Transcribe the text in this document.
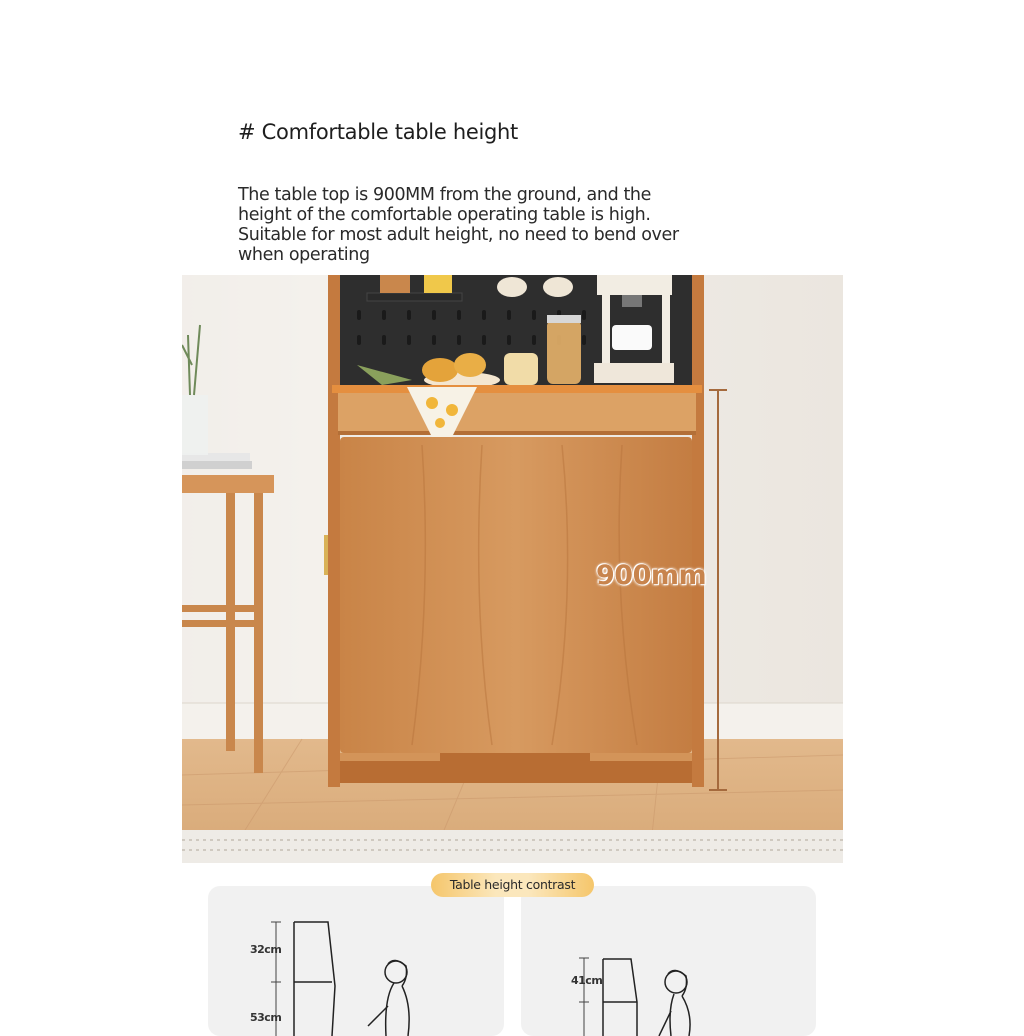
# Comfortable table height
The table top is 900MM from the ground, and the height of the comfortable operating table is high. Suitable for most adult height, no need to bend over when operating
900mm
Table height contrast
32cm
53cm
41cm
